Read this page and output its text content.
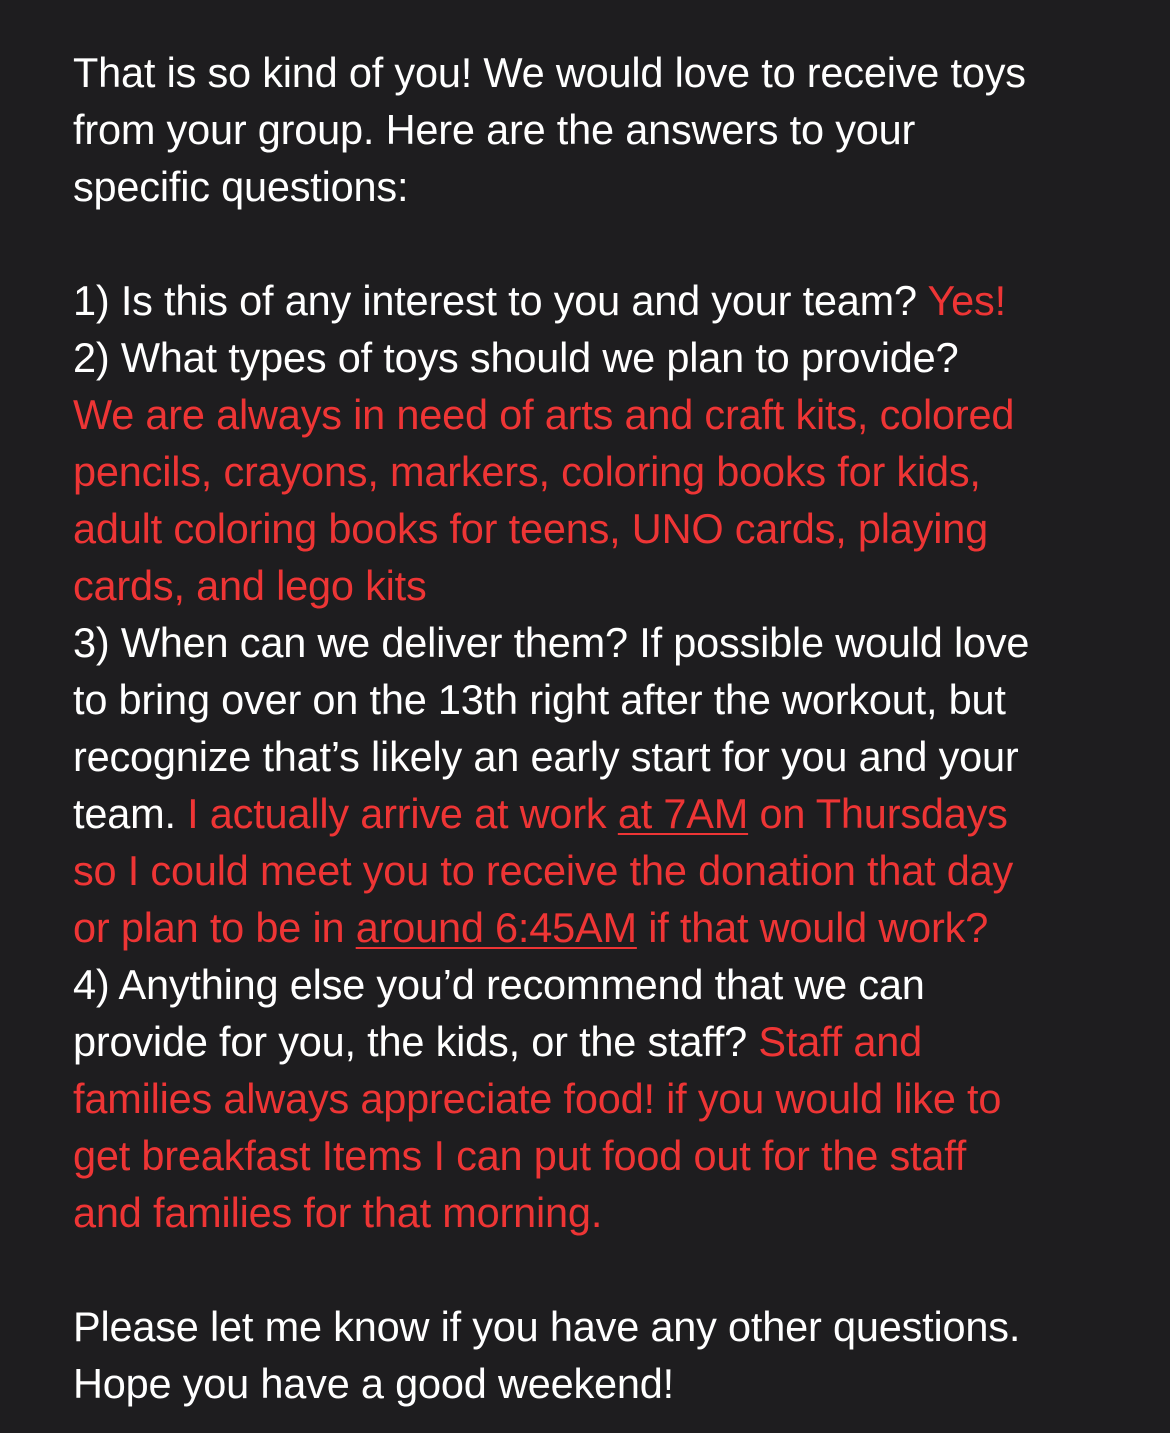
That is so kind of you! We would love to receive toys
from your group. Here are the answers to your
specific questions:

1) Is this of any interest to you and your team? Yes!
2) What types of toys should we plan to provide?
We are always in need of arts and craft kits, colored
pencils, crayons, markers, coloring books for kids,
adult coloring books for teens, UNO cards, playing
cards, and lego kits
3) When can we deliver them? If possible would love
to bring over on the 13th right after the workout, but
recognize that’s likely an early start for you and your
team. I actually arrive at work at 7AM on Thursdays
so I could meet you to receive the donation that day
or plan to be in around 6:45AM if that would work?
4) Anything else you’d recommend that we can
provide for you, the kids, or the staff? Staff and
families always appreciate food! if you would like to
get breakfast Items I can put food out for the staff
and families for that morning.

Please let me know if you have any other questions.
Hope you have a good weekend!
